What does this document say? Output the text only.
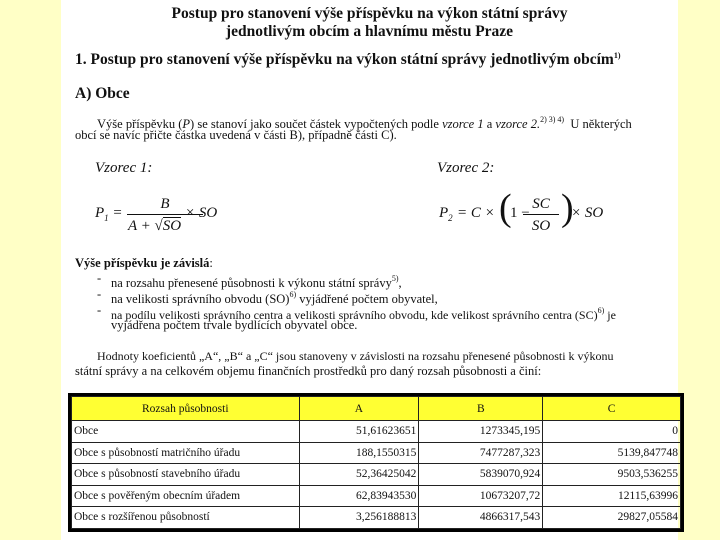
Postup pro stanovení výše příspěvku na výkon státní správy
jednotlivým obcím a hlavnímu městu Praze
1. Postup pro stanovení výše příspěvku na výkon státní správy jednotlivým obcím$^{1)}$
A) Obce
Výše příspěvku (P) se stanoví jako součet částek vypočtených podle vzorce 1 a vzorce 2.$^{2) 3) 4)}$ U některých
obcí se navíc přičte částka uvedená v části B), případně části C).
Vzorec 1:	Vzorec 2:
$P_1$ =
B
A + √SO
× SO	$P_2 = C$ × (
1 −
SC
SO )
× SO
Výše příspěvku je závislá:
- na rozsahu přenesené působnosti k výkonu státní správy$^{5)}$,
- na velikosti správního obvodu (SO)$^{6)}$ vyjádřené počtem obyvatel,
- na podílu velikosti správního centra a velikosti správního obvodu, kde velikost správního centra (SC)$^{6)}$ je
vyjádřena počtem trvale bydlících obyvatel obce.
Hodnoty koeficientů „A“, „B“ a „C“ jsou stanoveny v závislosti na rozsahu přenesené působnosti k výkonu
státní správy a na celkovém objemu finančních prostředků pro daný rozsah působnosti a činí:
Rozsah působnosti	A	B	C
Obce	51,61623651	1273345,195	0
Obce s působností matričního úřadu	188,1550315	7477287,323	5139,847748
Obce s působností stavebního úřadu	52,36425042	5839070,924	9503,536255
Obce s pověřeným obecním úřadem	62,83943530	10673207,72	12115,63996
Obce s rozšířenou působností	3,256188813	4866317,543	29827,05584
